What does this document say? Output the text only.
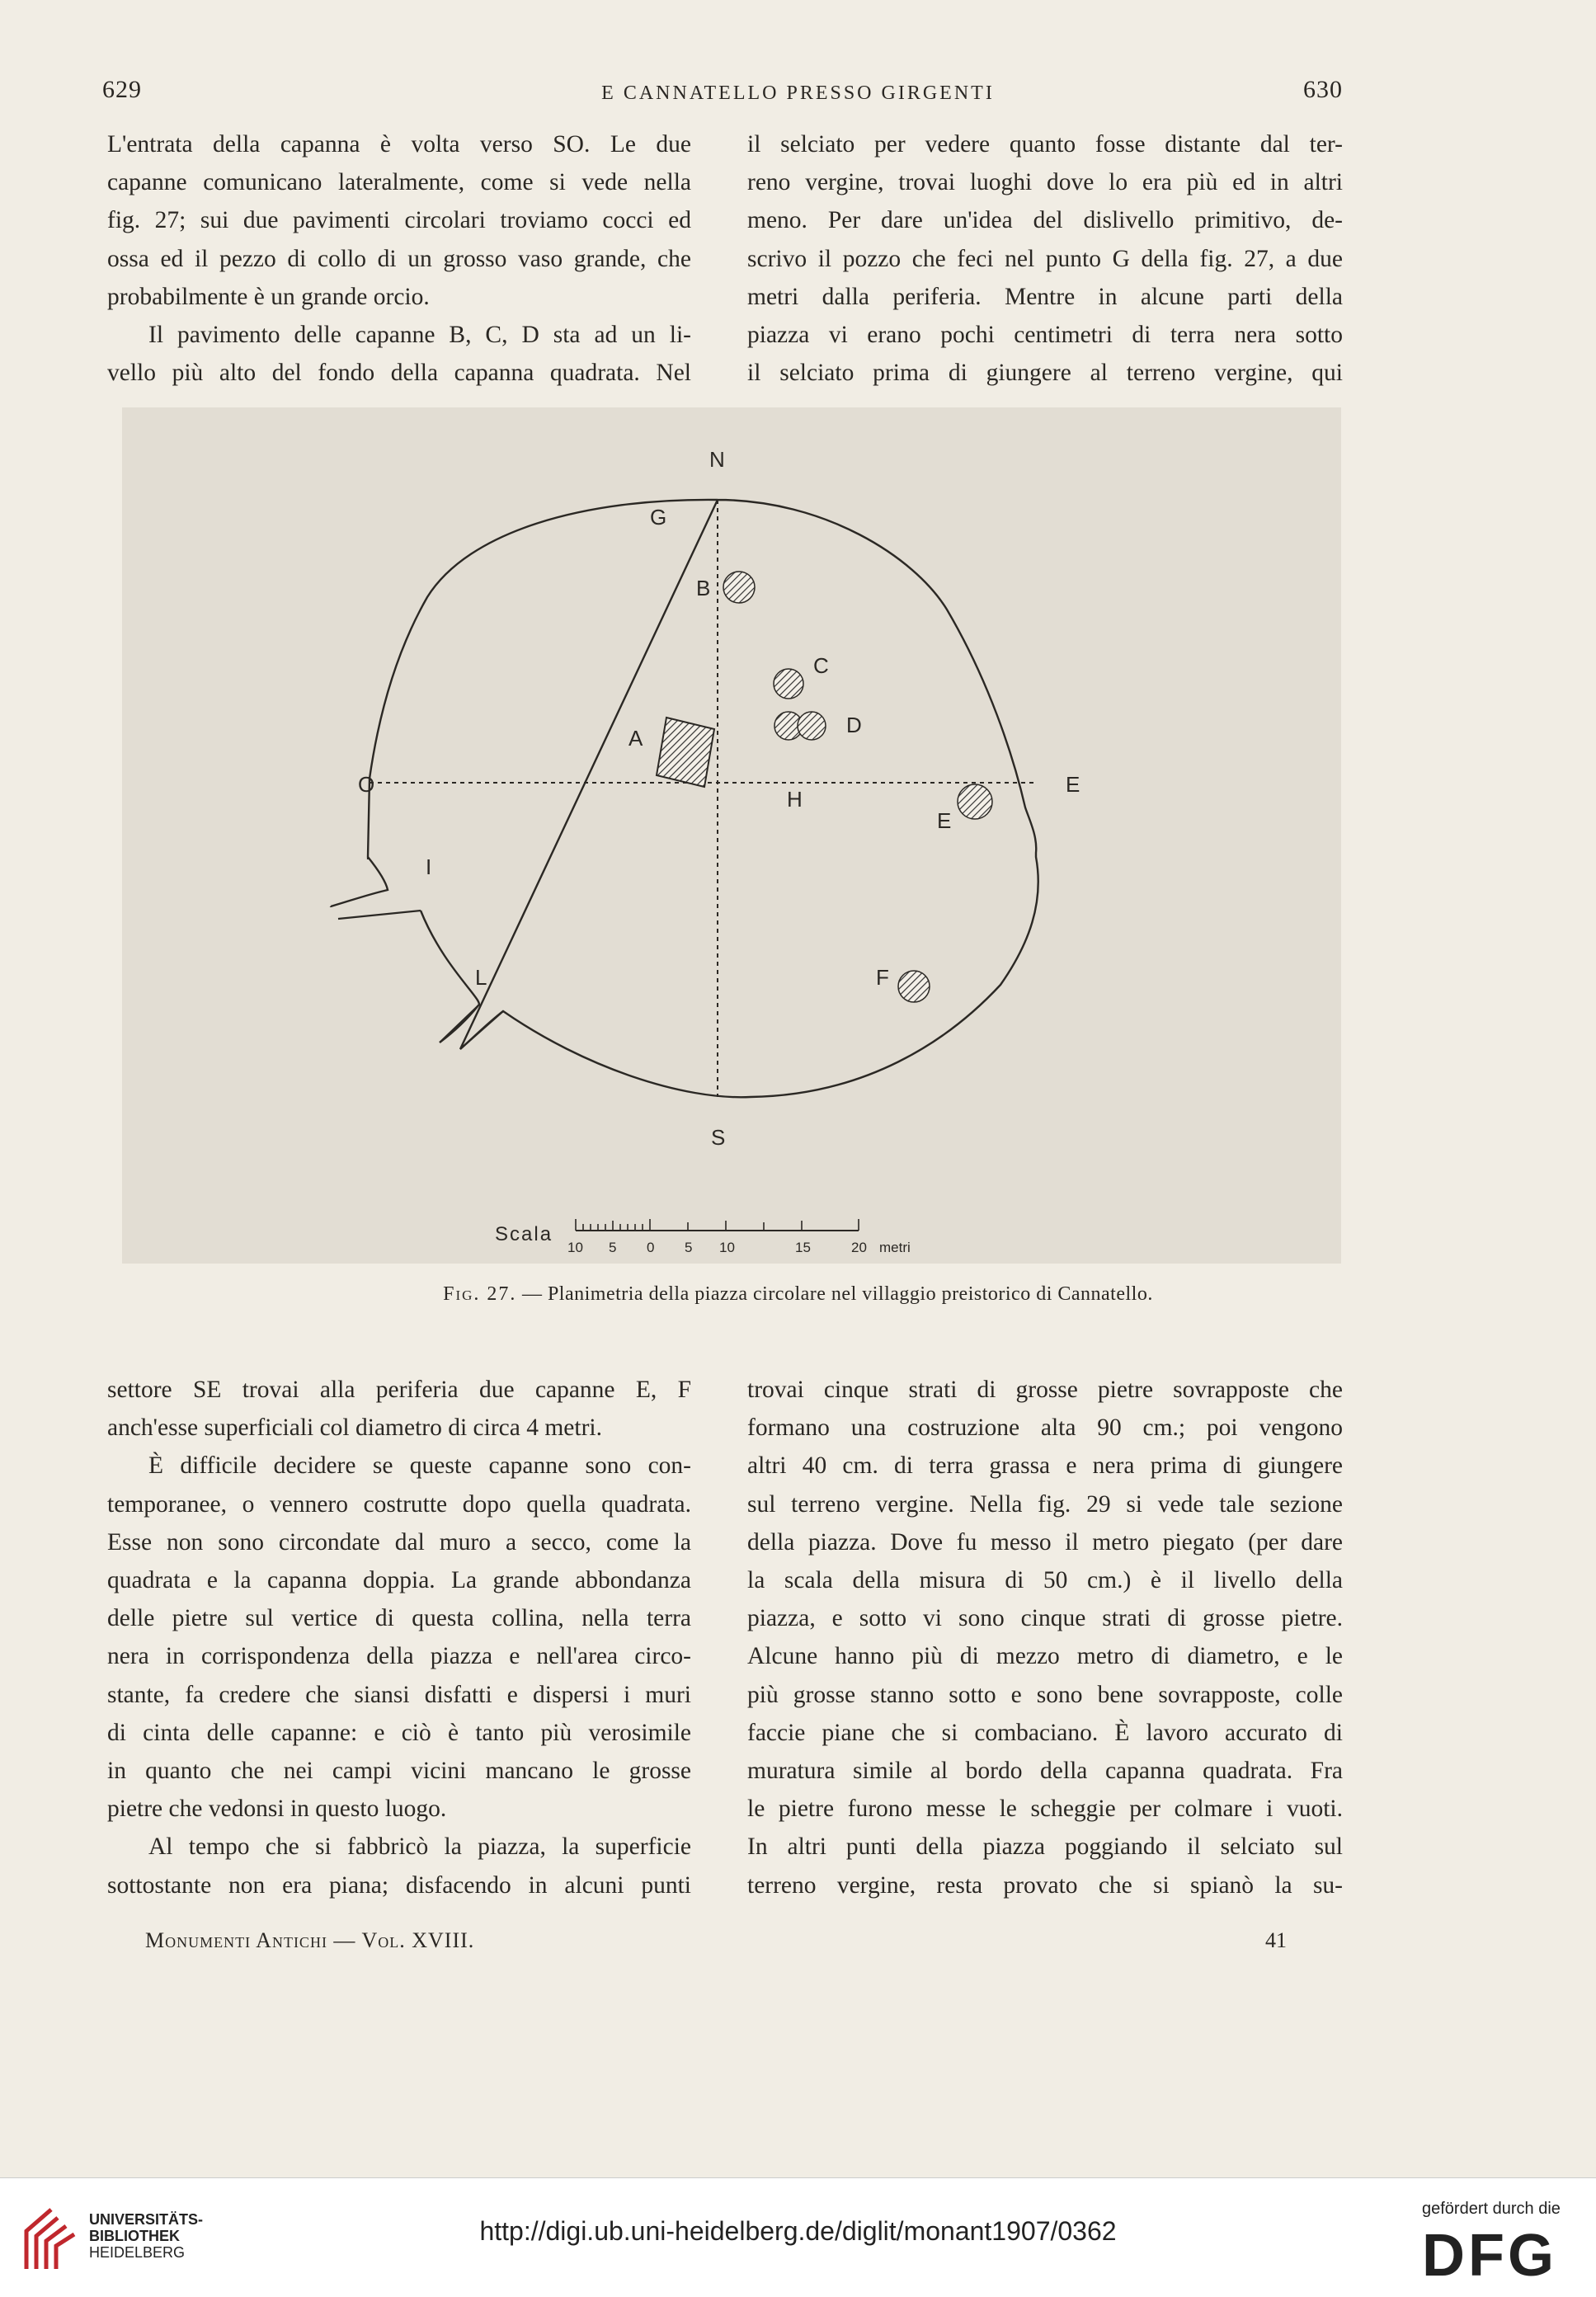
629	E CANNATELLO PRESSO GIRGENTI	630

L'entrata della capanna è volta verso SO. Le due
capanne comunicano lateralmente, come si vede nella
fig. 27; sui due pavimenti circolari troviamo cocci ed
ossa ed il pezzo di collo di un grosso vaso grande, che
probabilmente è un grande orcio.

Il pavimento delle capanne B, C, D sta ad un li-
vello più alto del fondo della capanna quadrata. Nel

il selciato per vedere quanto fosse distante dal ter-
reno vergine, trovai luoghi dove lo era più ed in altri
meno. Per dare un'idea del dislivello primitivo, de-
scrivo il pozzo che feci nel punto G della fig. 27, a due
metri dalla periferia. Mentre in alcune parti della
piazza vi erano pochi centimetri di terra nera sotto
il selciato prima di giungere al terreno vergine, qui

N
S
O	E
G
B
C
D
A
H
E
I
L	F
Scala
10 5 0 5 10	15	20 metri
Fig. 27. — Planimetria della piazza circolare nel villaggio preistorico di Cannatello.

settore SE trovai alla periferia due capanne E, F
anch'esse superficiali col diametro di circa 4 metri.

È difficile decidere se queste capanne sono con-
temporanee, o vennero costrutte dopo quella quadrata.
Esse non sono circondate dal muro a secco, come la
quadrata e la capanna doppia. La grande abbondanza
delle pietre sul vertice di questa collina, nella terra
nera in corrispondenza della piazza e nell'area circo-
stante, fa credere che siansi disfatti e dispersi i muri
di cinta delle capanne: e ciò è tanto più verosimile
in quanto che nei campi vicini mancano le grosse
pietre che vedonsi in questo luogo.

Al tempo che si fabbricò la piazza, la superficie
sottostante non era piana; disfacendo in alcuni punti

trovai cinque strati di grosse pietre sovrapposte che
formano una costruzione alta 90 cm.; poi vengono
altri 40 cm. di terra grassa e nera prima di giungere
sul terreno vergine. Nella fig. 29 si vede tale sezione
della piazza. Dove fu messo il metro piegato (per dare
la scala della misura di 50 cm.) è il livello della
piazza, e sotto vi sono cinque strati di grosse pietre.
Alcune hanno più di mezzo metro di diametro, e le
più grosse stanno sotto e sono bene sovrapposte, colle
faccie piane che si combaciano. È lavoro accurato di
muratura simile al bordo della capanna quadrata. Fra
le pietre furono messe le scheggie per colmare i vuoti.
In altri punti della piazza poggiando il selciato sul
terreno vergine, resta provato che si spianò la su-

Monumenti Antichi — Vol. XVIII.	41
UNIVERSITÄTS-
BIBLIOTHEK
HEIDELBERG
http://digi.ub.uni-heidelberg.de/diglit/monant1907/0362
gefördert durch die
DFG
